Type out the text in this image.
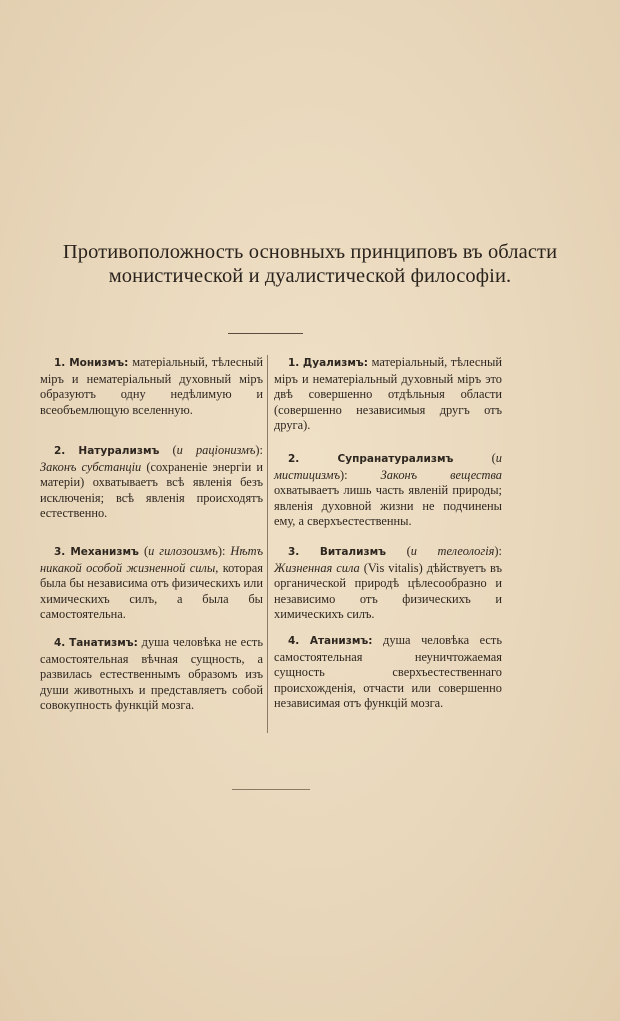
Противоположность основныхъ принциповъ въ области монистической и дуалистической философiи.

1. Монизмъ: матерiальный, тѣлесный мiръ и нематерiальный духовный мiръ образуютъ одну недѣлимую и всеобъемлющую вселенную.

2. Натурализмъ (и рацiонизмъ): Законъ субстанцiи (сохраненie энергiи и матерiи) охватываетъ всѣ явленiя безъ исключенiя; всѣ явленiя происходятъ естественно.

3. Механизмъ (и гилозоизмъ): Нѣтъ никакой особой жизненной силы, которая была бы независима отъ физическихъ или химическихъ силъ, а была бы самостоятельна.

4. Танатизмъ: душа человѣка не есть самостоятельная вѣчная сущность, а развилась естественнымъ образомъ изъ души животныхъ и представляетъ собой совокупность функцiй мозга.

1. Дуализмъ: матерiальный, тѣлесный мiръ и нематерiальный духовный мiръ это двѣ совершенно отдѣльныя области (совершенно независимыя другъ отъ друга).

2.	Супранатурализмъ (и мистицизмъ): Законъ вещества охватываетъ лишь часть явленiй природы; явленiя духовной жизни не подчинены ему, а сверхъестественны.

3. Витализмъ (и телеологiя): Жизненная сила (Vis vitalis) дѣйствуетъ въ органической природѣ цѣлесообразно и независимо отъ физическихъ и химическихъ силъ.

4. Атанизмъ: душа человѣка есть самостоятельная неуничтожаемая сущность сверхъестественнаго происхожденiя, отчасти или совершенно независимая отъ функцiй мозга.
